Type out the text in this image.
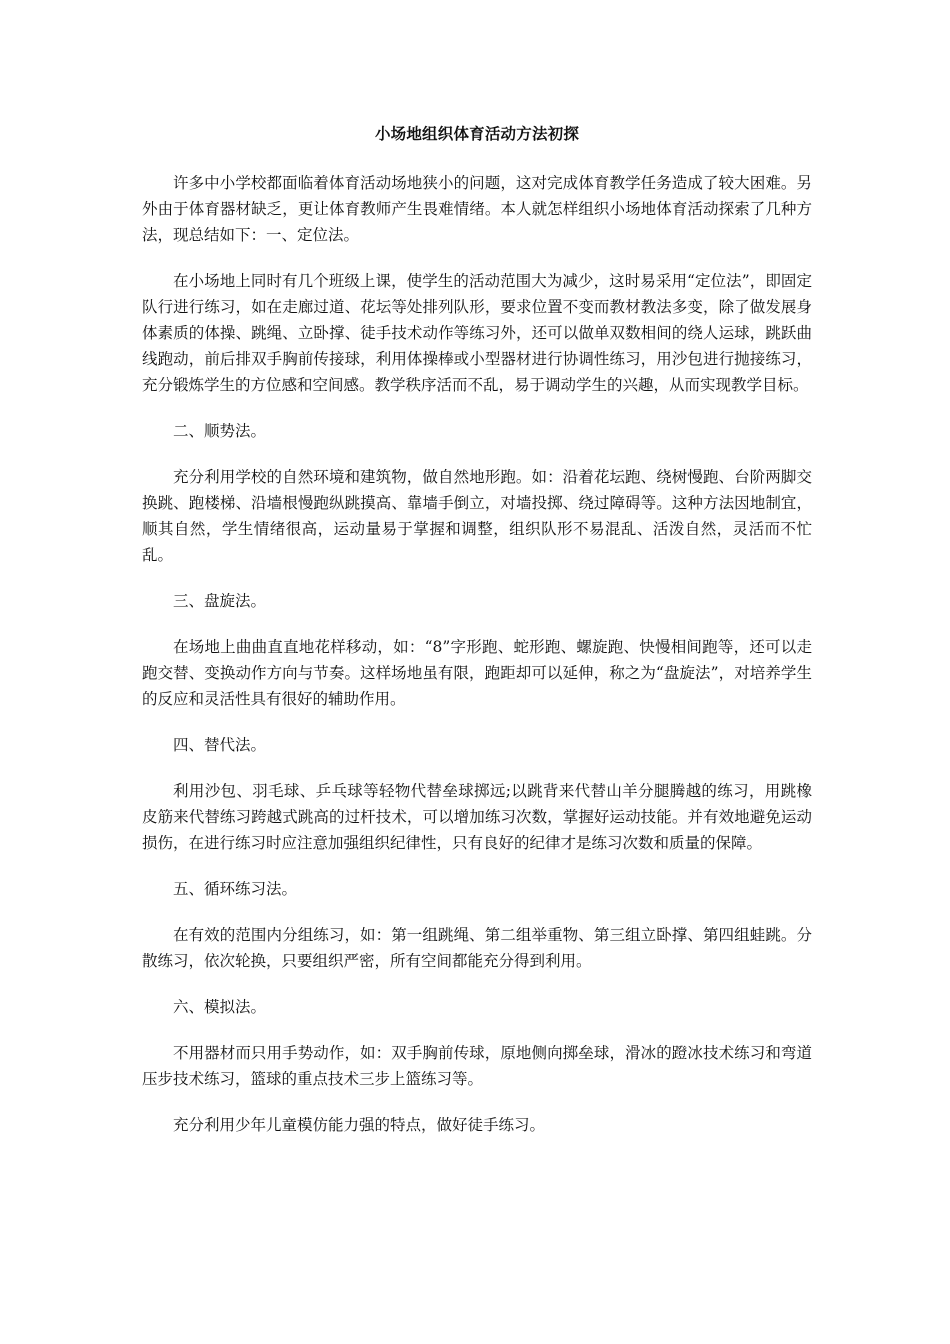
小场地组织体育活动方法初探

许多中小学校都面临着体育活动场地狭小的问题，这对完成体育教学任务造成了较大困难。另外由于体育器材缺乏，更让体育教师产生畏难情绪。本人就怎样组织小场地体育活动探索了几种方法，现总结如下：一、定位法。

在小场地上同时有几个班级上课，使学生的活动范围大为减少，这时易采用“定位法”，即固定队行进行练习，如在走廊过道、花坛等处排列队形，要求位置不变而教材教法多变，除了做发展身体素质的体操、跳绳、立卧撑、徒手技术动作等练习外，还可以做单双数相间的绕人运球，跳跃曲线跑动，前后排双手胸前传接球，利用体操棒或小型器材进行协调性练习，用沙包进行抛接练习，充分锻炼学生的方位感和空间感。教学秩序活而不乱，易于调动学生的兴趣，从而实现教学目标。

二、顺势法。

充分利用学校的自然环境和建筑物，做自然地形跑。如：沿着花坛跑、绕树慢跑、台阶两脚交换跳、跑楼梯、沿墙根慢跑纵跳摸高、靠墙手倒立，对墙投掷、绕过障碍等。这种方法因地制宜，顺其自然，学生情绪很高，运动量易于掌握和调整，组织队形不易混乱、活泼自然，灵活而不忙乱。

三、盘旋法。

在场地上曲曲直直地花样移动，如：“8”字形跑、蛇形跑、螺旋跑、快慢相间跑等，还可以走跑交替、变换动作方向与节奏。这样场地虽有限，跑距却可以延伸，称之为“盘旋法”，对培养学生的反应和灵活性具有很好的辅助作用。

四、替代法。

利用沙包、羽毛球、乒乓球等轻物代替垒球掷远;以跳背来代替山羊分腿腾越的练习，用跳橡皮筋来代替练习跨越式跳高的过杆技术，可以增加练习次数，掌握好运动技能。并有效地避免运动损伤，在进行练习时应注意加强组织纪律性，只有良好的纪律才是练习次数和质量的保障。

五、循环练习法。

在有效的范围内分组练习，如：第一组跳绳、第二组举重物、第三组立卧撑、第四组蛙跳。分散练习，依次轮换，只要组织严密，所有空间都能充分得到利用。

六、模拟法。

不用器材而只用手势动作，如：双手胸前传球，原地侧向掷垒球，滑冰的蹬冰技术练习和弯道压步技术练习，篮球的重点技术三步上篮练习等。

充分利用少年儿童模仿能力强的特点，做好徒手练习。
